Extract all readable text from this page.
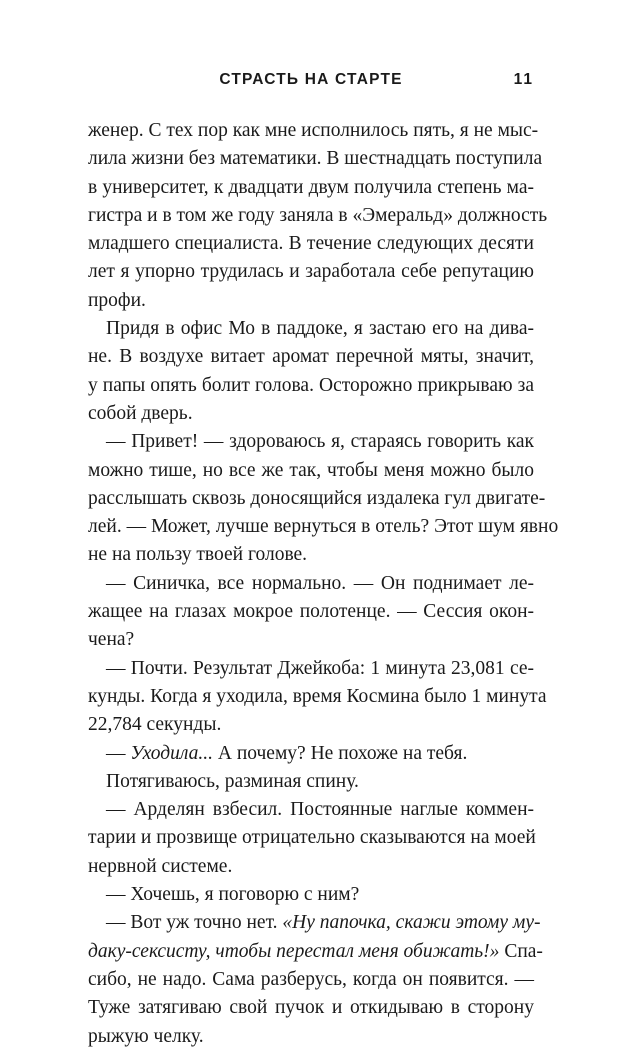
СТРАСТЬ НА СТАРТЕ	11
женер. С тех пор как мне исполнилось пять, я не мыс-
лила жизни без математики. В шестнадцать поступила
в университет, к двадцати двум получила степень ма-
гистра и в том же году заняла в «Эмеральд» должность
младшего специалиста. В течение следующих десяти
лет я упорно трудилась и заработала себе репутацию
профи.
Придя в офис Мо в паддоке, я застаю его на дива-
не. В воздухе витает аромат перечной мяты, значит,
у папы опять болит голова. Осторожно прикрываю за
собой дверь.
— Привет! — здороваюсь я, стараясь говорить как
можно тише, но все же так, чтобы меня можно было
расслышать сквозь доносящийся издалека гул двигате-
лей. — Может, лучше вернуться в отель? Этот шум явно
не на пользу твоей голове.
— Синичка, все нормально. — Он поднимает ле-
жащее на глазах мокрое полотенце. — Сессия окон-
чена?
— Почти. Результат Джейкоба: 1 минута 23,081 се-
кунды. Когда я уходила, время Космина было 1 минута
22,784 секунды.
— Уходила... А почему? Не похоже на тебя.
Потягиваюсь, разминая спину.
— Арделян взбесил. Постоянные наглые коммен-
тарии и прозвище отрицательно сказываются на моей
нервной системе.
— Хочешь, я поговорю с ним?
— Вот уж точно нет. «Ну папочка, скажи этому му-
даку-сексисту, чтобы перестал меня обижать!» Спа-
сибо, не надо. Сама разберусь, когда он появится. —
Туже затягиваю свой пучок и откидываю в сторону
рыжую челку.
